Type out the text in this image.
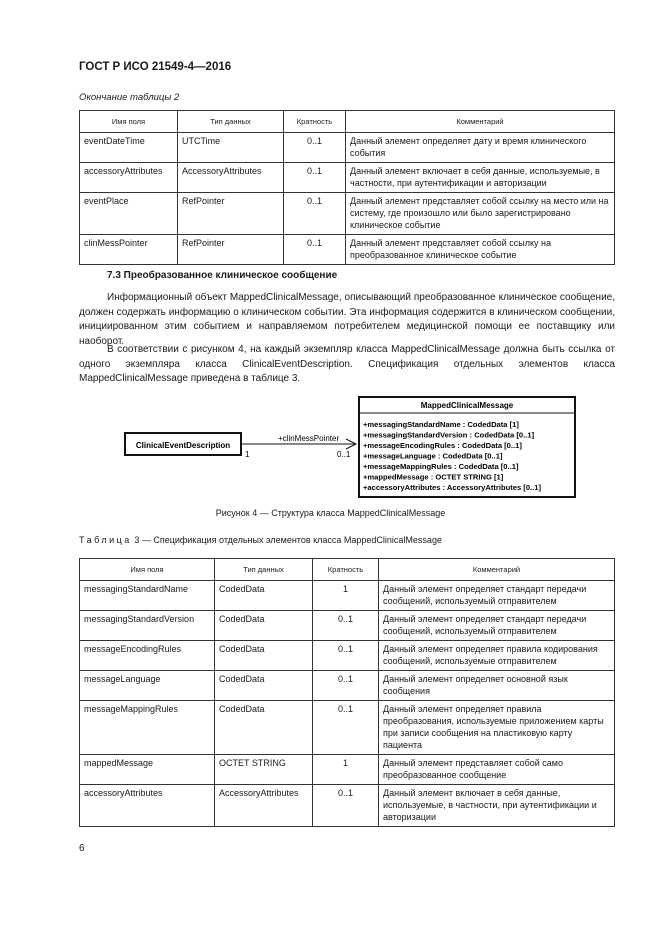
ГОСТ Р ИСО 21549-4—2016
Окончание таблицы 2
Имя поля	Тип данных	Кратность	Комментарий
eventDateTime	UTCTime	0..1	Данный элемент определяет дату и время клинического события
accessoryAttributes	AccessoryAttributes	0..1	Данный элемент включает в себя данные, используемые, в частности, при аутентификации и авторизации
eventPlace	RefPointer	0..1	Данный элемент представляет собой ссылку на место или на систему, где произошло или было зарегистрировано клиническое событие
clinMessPointer	RefPointer	0..1	Данный элемент представляет собой ссылку на преобразованное клиническое событие
7.3 Преобразованное клиническое сообщение
Информационный объект MappedClinicalMessage, описывающий преобразованное клиническое сообщение, должен содержать информацию о клиническом событии. Эта информация содержится в клиническом сообщении, инициированном этим событием и направляемом потребителем медицинской помощи ее поставщику или наоборот.
В соответствии с рисунком 4, на каждый экземпляр класса MappedClinicalMessage должна быть ссылка от одного экземпляра класса ClinicalEventDescription. Спецификация отдельных элементов класса MappedClinicalMessage приведена в таблице 3.
ClinicalEventDescription
+clinMessPointer
1	0..1
MappedClinicalMessage
+messagingStandardName : CodedData [1]
+messagingStandardVersion : CodedData [0..1]
+messageEncodingRules : CodedData [0..1]
+messageLanguage : CodedData [0..1]
+messageMappingRules : CodedData [0..1]
+mappedMessage : OCTET STRING [1]
+accessoryAttributes : AccessoryAttributes [0..1]
Рисунок 4 — Структура класса MappedClinicalMessage
Таблица 3 — Спецификация отдельных элементов класса MappedClinicalMessage
Имя поля	Тип данных	Кратность	Комментарий
messagingStandardName	CodedData	1	Данный элемент определяет стандарт передачи сообщений, используемый отправителем
messagingStandardVersion	CodedData	0..1	Данный элемент определяет стандарт передачи сообщений, используемый отправителем
messageEncodingRules	CodedData	0..1	Данный элемент определяет правила кодирования сообщений, используемые отправителем
messageLanguage	CodedData	0..1	Данный элемент определяет основной язык сообщения
messageMappingRules	CodedData	0..1	Данный элемент определяет правила преобразования, используемые приложением карты при записи сообщения на пластиковую карту пациента
mappedMessage	OCTET STRING	1	Данный элемент представляет собой само преобразованное сообщение
accessoryAttributes	AccessoryAttributes	0..1	Данный элемент включает в себя данные, используемые, в частности, при аутентификации и авторизации
6
